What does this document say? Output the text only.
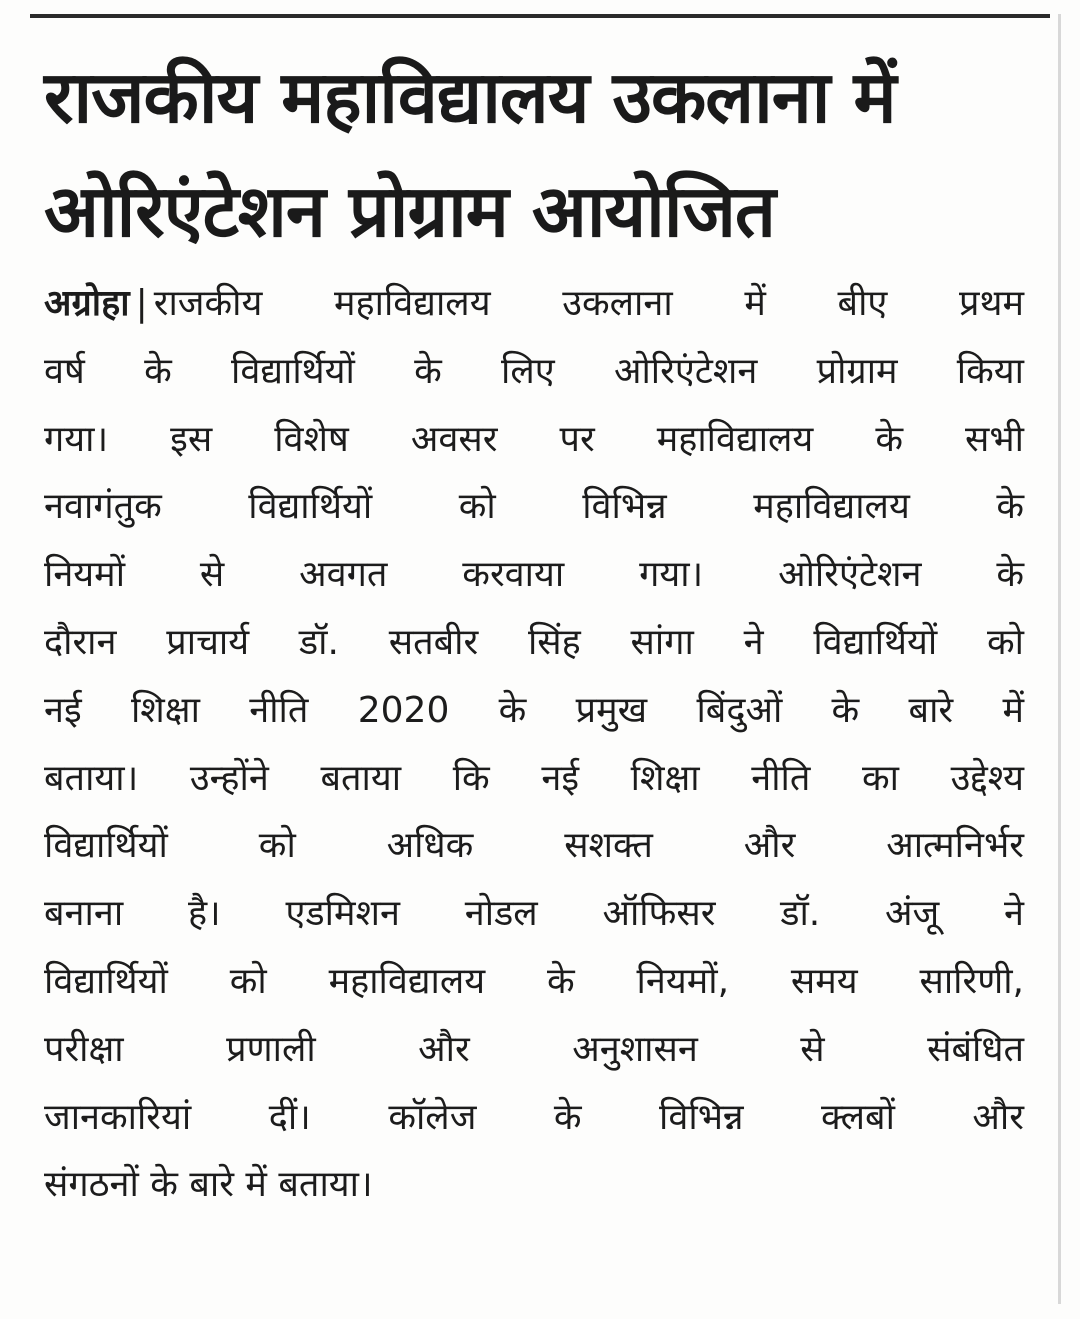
राजकीय महाविद्यालय उकलाना में
ओरिएंटेशन प्रोग्राम आयोजित
अग्रोहा | राजकीय महाविद्यालय उकलाना में बीए प्रथम
वर्ष के विद्यार्थियों के लिए ओरिएंटेशन प्रोग्राम किया
गया। इस विशेष अवसर पर महाविद्यालय के सभी
नवागंतुक विद्यार्थियों को विभिन्न महाविद्यालय के
नियमों से अवगत करवाया गया। ओरिएंटेशन के
दौरान प्राचार्य डॉ. सतबीर सिंह सांगा ने विद्यार्थियों को
नई शिक्षा नीति 2020 के प्रमुख बिंदुओं के बारे में
बताया। उन्होंने बताया कि नई शिक्षा नीति का उद्देश्य
विद्यार्थियों को अधिक सशक्त और आत्मनिर्भर
बनाना है। एडमिशन नोडल ऑफिसर डॉ. अंजू ने
विद्यार्थियों को महाविद्यालय के नियमों, समय सारिणी,
परीक्षा प्रणाली और अनुशासन से संबंधित
जानकारियां दीं। कॉलेज के विभिन्न क्लबों और
संगठनों के बारे में बताया।
